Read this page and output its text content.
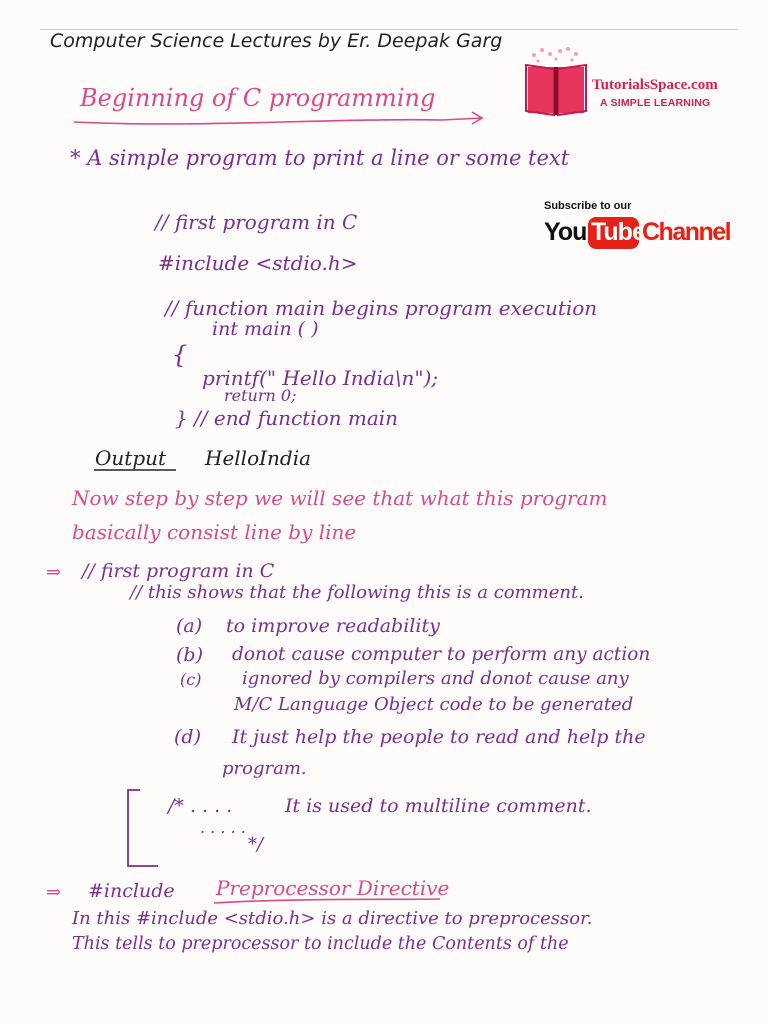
Computer Science Lectures by Er. Deepak Garg
TutorialsSpace.com
A SIMPLE LEARNING
Subscribe to our
You Tube
Channel
Beginning of C programming
* A simple program to print a line or some text
// first program in C
#include <stdio.h>
// function main begins program execution
int main ( )
{
printf(" Hello India\n");
return 0;
} // end function main
Output HelloIndia
Now step by step we will see that what this program
basically consist line by line
⇒ // first program in C
// this shows that the following this is a comment.
(a) to improve readability
(b) donot cause computer to perform any action
(c) ignored by compilers and donot cause any
M/C Language Object code to be generated
(d) It just help the people to read and help the
program.
/* . . . .	It is used to multiline comment.
. . . . .
*/
⇒ #include Preprocessor Directive
In this #include <stdio.h> is a directive to preprocessor.
This tells to preprocessor to include the Contents of the
